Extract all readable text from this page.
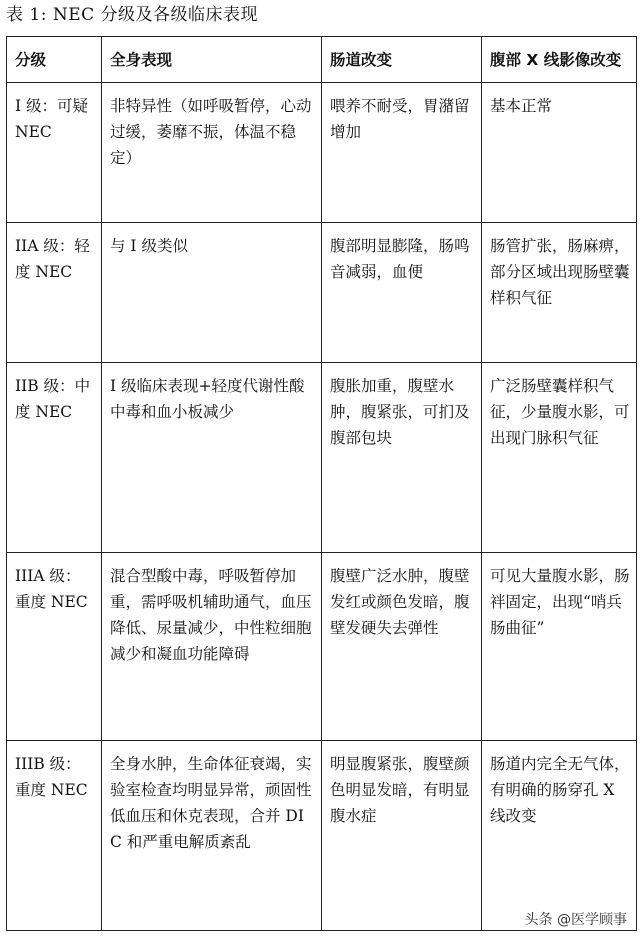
表 1: NEC 分级及各级临床表现
分级	全身表现	肠道改变	腹部 X 线影像改变
I 级：可疑 NEC	非特异性（如呼吸暂停，心动过缓，萎靡不振，体温不稳定）	喂养不耐受，胃潴留增加	基本正常
IIA 级：轻度 NEC	与 I 级类似	腹部明显膨隆，肠鸣音减弱，血便	肠管扩张，肠麻痹，部分区域出现肠壁囊样积气征
IIB 级：中度 NEC	I 级临床表现+轻度代谢性酸中毒和血小板减少	腹胀加重，腹壁水肿，腹紧张，可扪及腹部包块	广泛肠壁囊样积气征，少量腹水影，可出现门脉积气征
IIIA 级：重度 NEC	混合型酸中毒，呼吸暂停加重，需呼吸机辅助通气，血压降低、尿量减少，中性粒细胞减少和凝血功能障碍	腹壁广泛水肿，腹壁发红或颜色发暗，腹壁发硬失去弹性	可见大量腹水影，肠袢固定，出现“哨兵肠曲征”
IIIB 级：重度 NEC	全身水肿，生命体征衰竭，实验室检查均明显异常，顽固性低血压和休克表现，合并 DIC 和严重电解质紊乱	明显腹紧张，腹壁颜色明显发暗，有明显腹水症	肠道内完全无气体，有明确的肠穿孔 X 线改变
头条 @医学顾事
